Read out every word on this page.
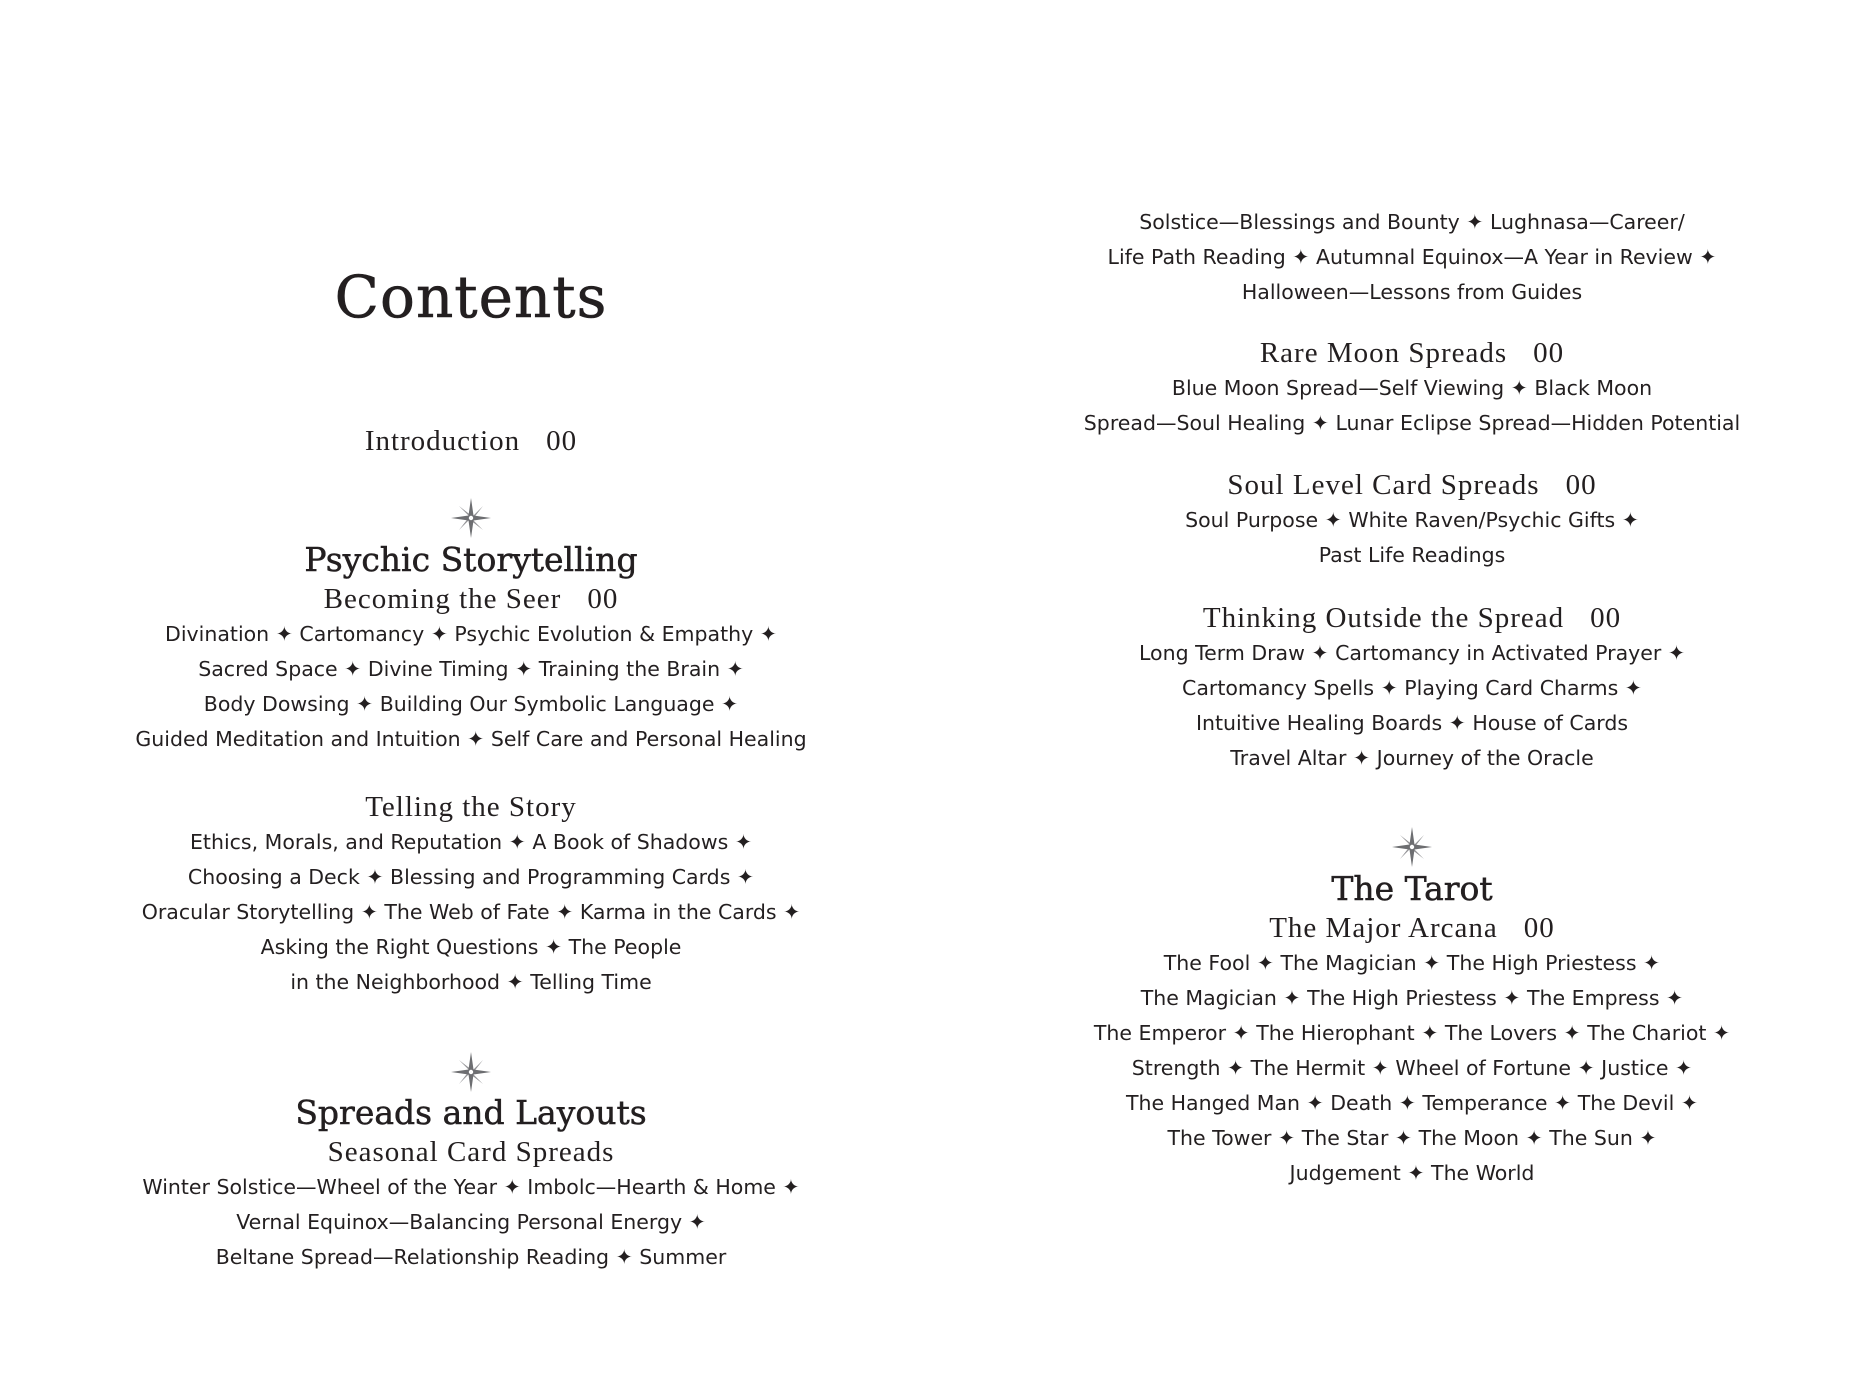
Contents

Introduction 00

Psychic Storytelling

Becoming the Seer 00

Divination ✦ Cartomancy ✦ Psychic Evolution & Empathy ✦
Sacred Space ✦ Divine Timing ✦ Training the Brain ✦
Body Dowsing ✦ Building Our Symbolic Language ✦
Guided Meditation and Intuition ✦ Self Care and Personal Healing

Telling the Story

Ethics, Morals, and Reputation ✦ A Book of Shadows ✦
Choosing a Deck ✦ Blessing and Programming Cards ✦
Oracular Storytelling ✦ The Web of Fate ✦ Karma in the Cards ✦
Asking the Right Questions ✦ The People
in the Neighborhood ✦ Telling Time

Spreads and Layouts

Seasonal Card Spreads

Winter Solstice—Wheel of the Year ✦ Imbolc—Hearth & Home ✦
Vernal Equinox—Balancing Personal Energy ✦
Beltane Spread—Relationship Reading ✦ Summer

Solstice—Blessings and Bounty ✦ Lughnasa—Career/
Life Path Reading ✦ Autumnal Equinox—A Year in Review ✦
Halloween—Lessons from Guides

Rare Moon Spreads 00

Blue Moon Spread—Self Viewing ✦ Black Moon
Spread—Soul Healing ✦ Lunar Eclipse Spread—Hidden Potential

Soul Level Card Spreads 00

Soul Purpose ✦ White Raven/Psychic Gifts ✦
Past Life Readings

Thinking Outside the Spread 00

Long Term Draw ✦ Cartomancy in Activated Prayer ✦
Cartomancy Spells ✦ Playing Card Charms ✦
Intuitive Healing Boards ✦ House of Cards
Travel Altar ✦ Journey of the Oracle

The Tarot

The Major Arcana 00

The Fool ✦ The Magician ✦ The High Priestess ✦
The Magician ✦ The High Priestess ✦ The Empress ✦
The Emperor ✦ The Hierophant ✦ The Lovers ✦ The Chariot ✦
Strength ✦ The Hermit ✦ Wheel of Fortune ✦ Justice ✦
The Hanged Man ✦ Death ✦ Temperance ✦ The Devil ✦
The Tower ✦ The Star ✦ The Moon ✦ The Sun ✦
Judgement ✦ The World
